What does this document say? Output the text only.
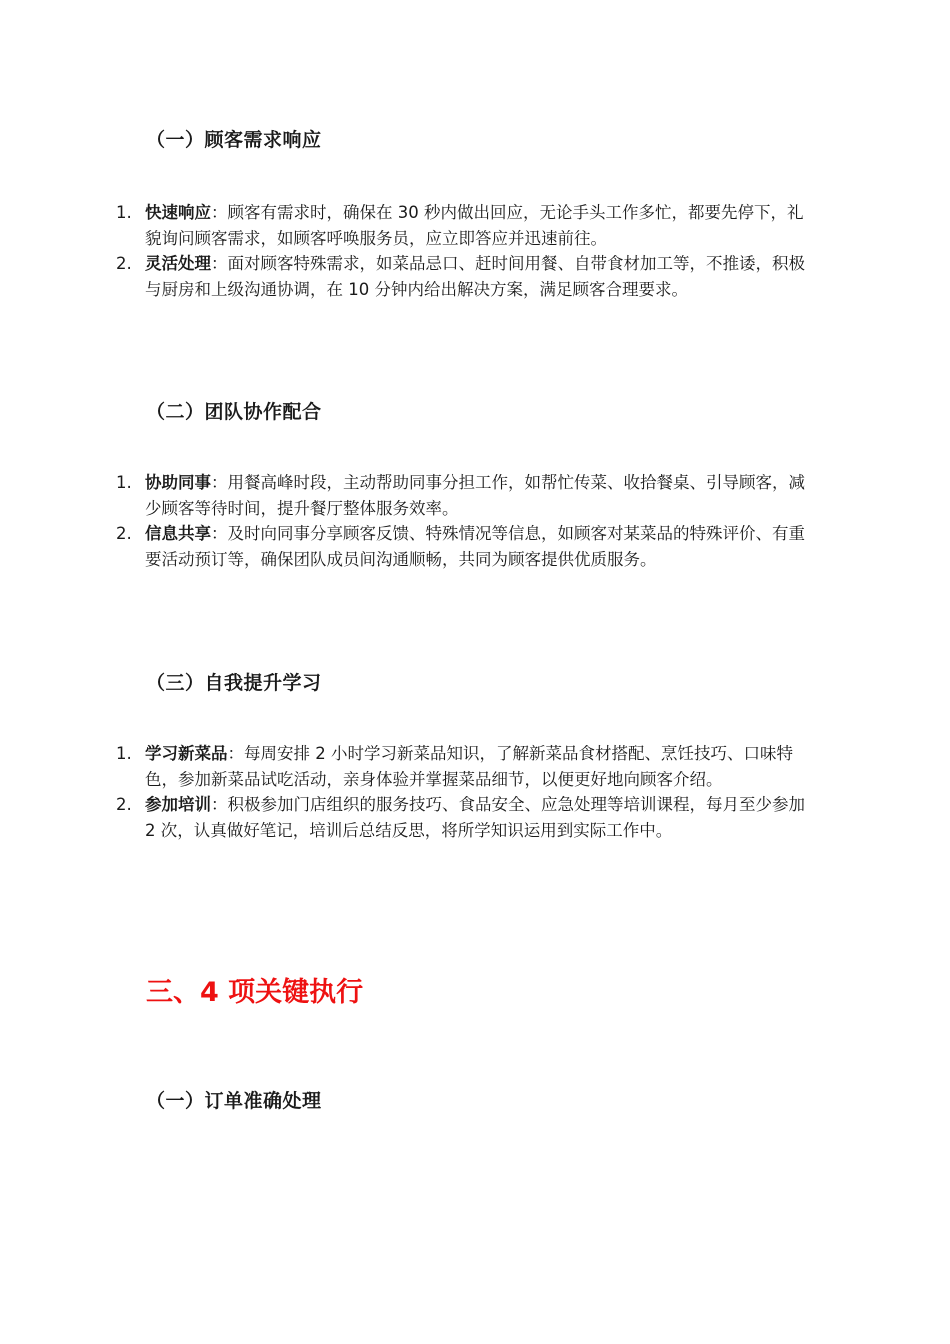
（一）顾客需求响应
1. 快速响应：顾客有需求时，确保在 30 秒内做出回应，无论手头工作多忙，都要先停下，礼貌询问顾客需求，如顾客呼唤服务员，应立即答应并迅速前往。
2. 灵活处理：面对顾客特殊需求，如菜品忌口、赶时间用餐、自带食材加工等，不推诿，积极与厨房和上级沟通协调，在 10 分钟内给出解决方案，满足顾客合理要求。
（二）团队协作配合
1. 协助同事：用餐高峰时段，主动帮助同事分担工作，如帮忙传菜、收拾餐桌、引导顾客，减少顾客等待时间，提升餐厅整体服务效率。
2. 信息共享：及时向同事分享顾客反馈、特殊情况等信息，如顾客对某菜品的特殊评价、有重要活动预订等，确保团队成员间沟通顺畅，共同为顾客提供优质服务。
（三）自我提升学习
1. 学习新菜品：每周安排 2 小时学习新菜品知识，了解新菜品食材搭配、烹饪技巧、口味特色，参加新菜品试吃活动，亲身体验并掌握菜品细节，以便更好地向顾客介绍。
2. 参加培训：积极参加门店组织的服务技巧、食品安全、应急处理等培训课程，每月至少参加 2 次，认真做好笔记，培训后总结反思，将所学知识运用到实际工作中。
三、4 项关键执行
（一）订单准确处理
